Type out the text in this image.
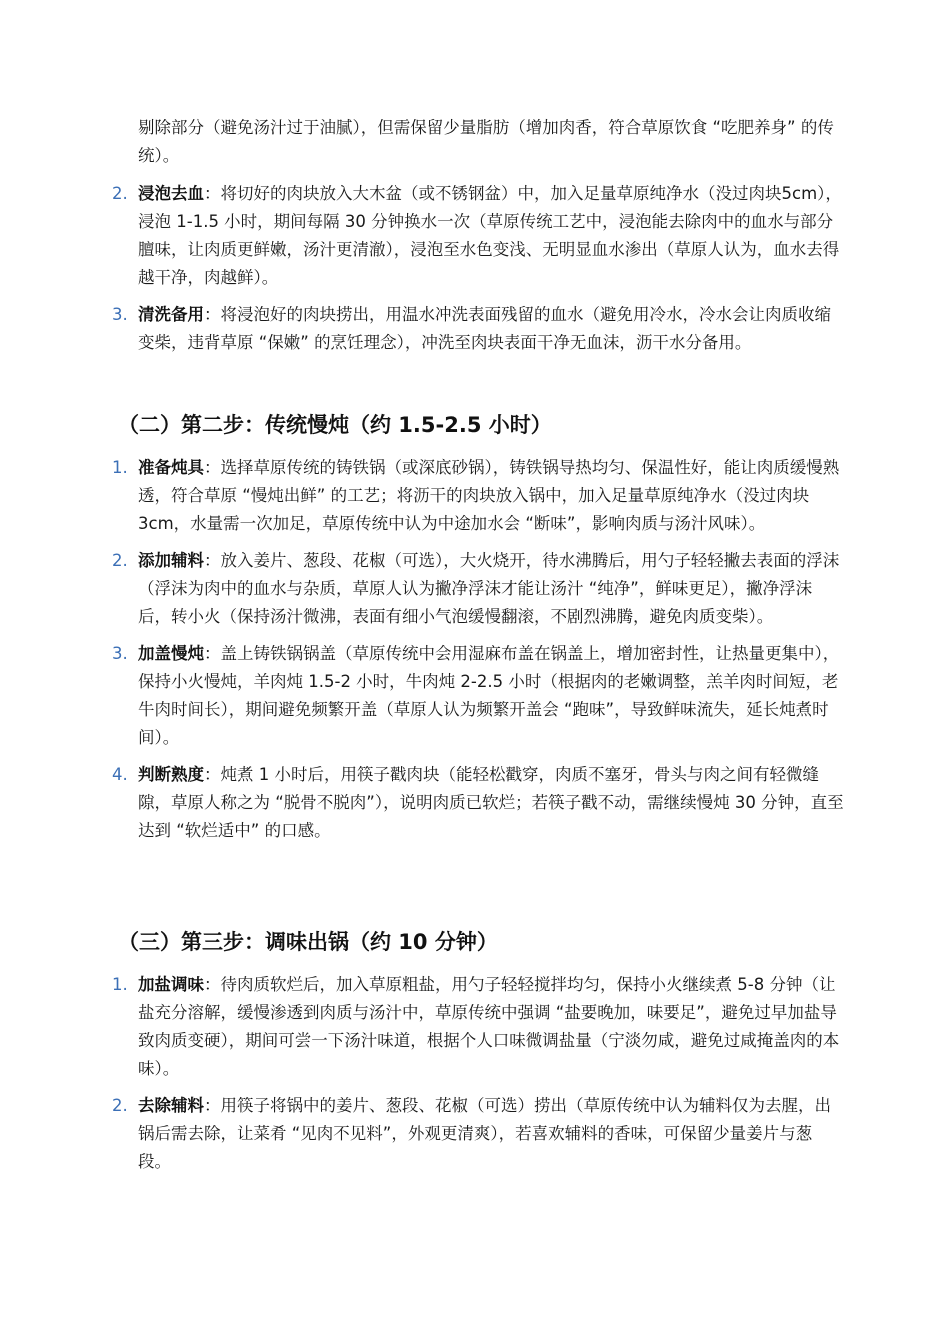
剔除部分（避免汤汁过于油腻），但需保留少量脂肪（增加肉香，符合草原饮食 “吃肥养身” 的传统）。

2. 浸泡去血：将切好的肉块放入大木盆（或不锈钢盆）中，加入足量草原纯净水（没过肉块5cm），浸泡 1-1.5 小时，期间每隔 30 分钟换水一次（草原传统工艺中，浸泡能去除肉中的血水与部分膻味，让肉质更鲜嫩，汤汁更清澈），浸泡至水色变浅、无明显血水渗出（草原人认为，血水去得越干净，肉越鲜）。
3. 清洗备用：将浸泡好的肉块捞出，用温水冲洗表面残留的血水（避免用冷水，冷水会让肉质收缩变柴，违背草原 “保嫩” 的烹饪理念），冲洗至肉块表面干净无血沫，沥干水分备用。
（二）第二步：传统慢炖（约 1.5-2.5 小时）
1. 准备炖具：选择草原传统的铸铁锅（或深底砂锅），铸铁锅导热均匀、保温性好，能让肉质缓慢熟透，符合草原 “慢炖出鲜” 的工艺；将沥干的肉块放入锅中，加入足量草原纯净水（没过肉块 3cm，水量需一次加足，草原传统中认为中途加水会 “断味”，影响肉质与汤汁风味）。
2. 添加辅料：放入姜片、葱段、花椒（可选），大火烧开，待水沸腾后，用勺子轻轻撇去表面的浮沫（浮沫为肉中的血水与杂质，草原人认为撇净浮沫才能让汤汁 “纯净”，鲜味更足），撇净浮沫后，转小火（保持汤汁微沸，表面有细小气泡缓慢翻滚，不剧烈沸腾，避免肉质变柴）。
3. 加盖慢炖：盖上铸铁锅锅盖（草原传统中会用湿麻布盖在锅盖上，增加密封性，让热量更集中），保持小火慢炖，羊肉炖 1.5-2 小时，牛肉炖 2-2.5 小时（根据肉的老嫩调整，羔羊肉时间短，老牛肉时间长），期间避免频繁开盖（草原人认为频繁开盖会 “跑味”，导致鲜味流失，延长炖煮时间）。
4. 判断熟度：炖煮 1 小时后，用筷子戳肉块（能轻松戳穿，肉质不塞牙，骨头与肉之间有轻微缝隙，草原人称之为 “脱骨不脱肉”），说明肉质已软烂；若筷子戳不动，需继续慢炖 30 分钟，直至达到 “软烂适中” 的口感。
（三）第三步：调味出锅（约 10 分钟）
1. 加盐调味：待肉质软烂后，加入草原粗盐，用勺子轻轻搅拌均匀，保持小火继续煮 5-8 分钟（让盐充分溶解，缓慢渗透到肉质与汤汁中，草原传统中强调 “盐要晚加，味要足”，避免过早加盐导致肉质变硬），期间可尝一下汤汁味道，根据个人口味微调盐量（宁淡勿咸，避免过咸掩盖肉的本味）。
2. 去除辅料：用筷子将锅中的姜片、葱段、花椒（可选）捞出（草原传统中认为辅料仅为去腥，出锅后需去除，让菜肴 “见肉不见料”，外观更清爽），若喜欢辅料的香味，可保留少量姜片与葱段。
